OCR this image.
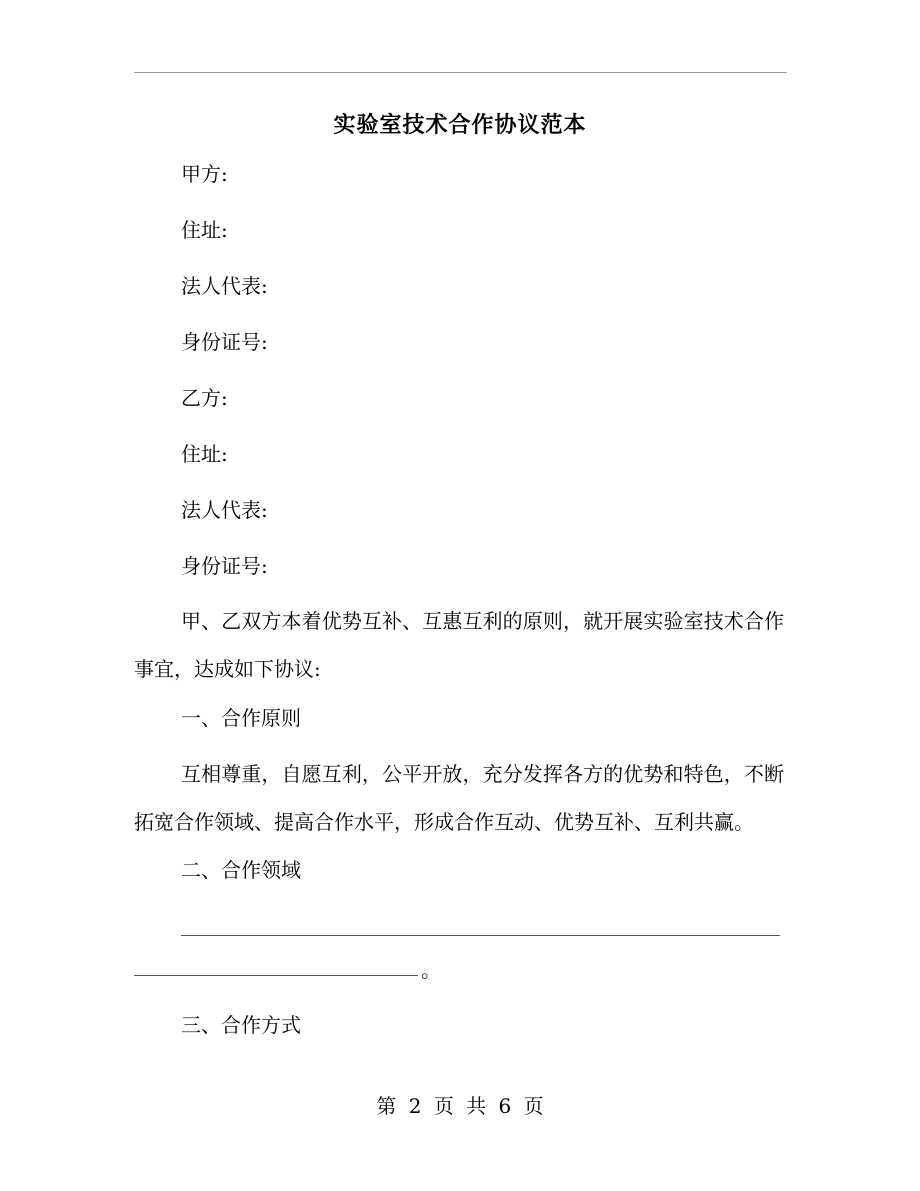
实验室技术合作协议范本
甲方:
住址:
法人代表:
身份证号:
乙方:
住址:
法人代表:
身份证号:
甲、乙双方本着优势互补、互惠互利的原则，就开展实验室技术合作事宜，达成如下协议:
一、合作原则
互相尊重，自愿互利，公平开放，充分发挥各方的优势和特色，不断拓宽合作领域、提高合作水平，形成合作互动、优势互补、互利共赢。
二、合作领域
。
三、合作方式
第 2 页 共 6 页
